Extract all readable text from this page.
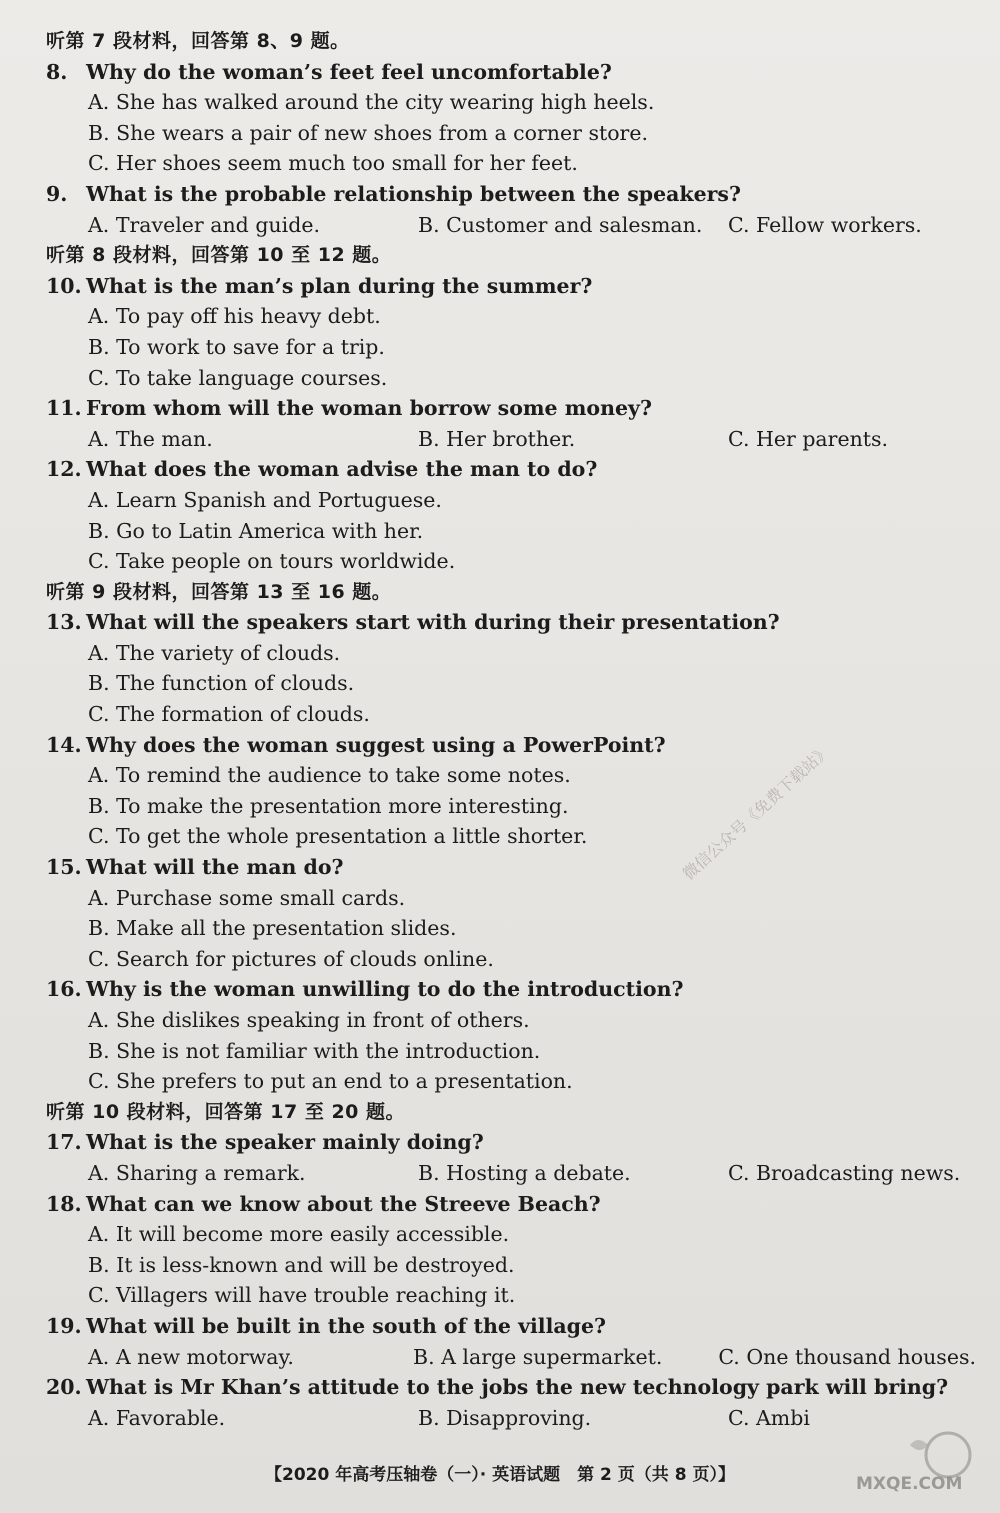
微信公众号《免费下载站》
听第 7 段材料，回答第 8、9 题。
8. Why do the woman’s feet feel uncomfortable?
A. She has walked around the city wearing high heels.
B. She wears a pair of new shoes from a corner store.
C. Her shoes seem much too small for her feet.
9. What is the probable relationship between the speakers?
A. Traveler and guide.	B. Customer and salesman.	C. Fellow workers.
听第 8 段材料，回答第 10 至 12 题。
10. What is the man’s plan during the summer?
A. To pay off his heavy debt.
B. To work to save for a trip.
C. To take language courses.
11. From whom will the woman borrow some money?
A. The man.	B. Her brother.	C. Her parents.
12. What does the woman advise the man to do?
A. Learn Spanish and Portuguese.
B. Go to Latin America with her.
C. Take people on tours worldwide.
听第 9 段材料，回答第 13 至 16 题。
13. What will the speakers start with during their presentation?
A. The variety of clouds.
B. The function of clouds.
C. The formation of clouds.
14. Why does the woman suggest using a PowerPoint?
A. To remind the audience to take some notes.
B. To make the presentation more interesting.
C. To get the whole presentation a little shorter.
15. What will the man do?
A. Purchase some small cards.
B. Make all the presentation slides.
C. Search for pictures of clouds online.
16. Why is the woman unwilling to do the introduction?
A. She dislikes speaking in front of others.
B. She is not familiar with the introduction.
C. She prefers to put an end to a presentation.
听第 10 段材料，回答第 17 至 20 题。
17. What is the speaker mainly doing?
A. Sharing a remark.	B. Hosting a debate.	C. Broadcasting news.
18. What can we know about the Streeve Beach?
A. It will become more easily accessible.
B. It is less-known and will be destroyed.
C. Villagers will have trouble reaching it.
19. What will be built in the south of the village?
A. A new motorway.	B. A large supermarket.	C. One thousand houses.
20. What is Mr Khan’s attitude to the jobs the new technology park will bring?
A. Favorable.	B. Disapproving.	C. Ambi
【2020 年高考压轴卷（一）· 英语试题　第 2 页（共 8 页）】	MXQE.COM
